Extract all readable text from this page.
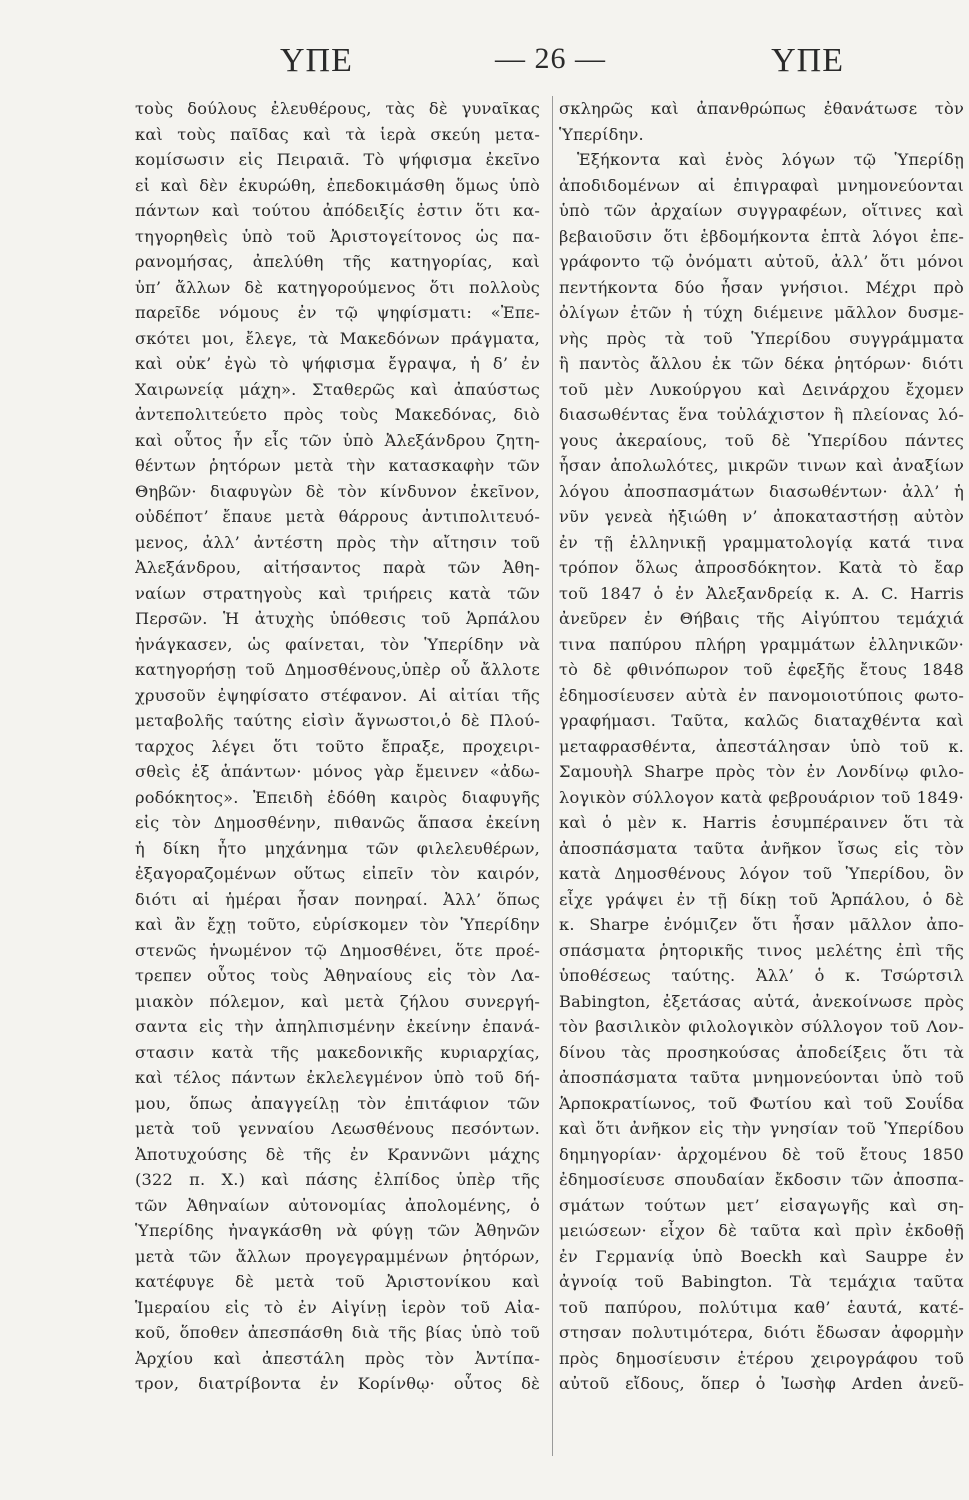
ΥΠΕ	— 26 —	ΥΠΕ
τοὺς δούλους ἐλευθέρους, τὰς δὲ γυναῖκας
καὶ τοὺς παῖδας καὶ τὰ ἱερὰ σκεύη μετα-
κομίσωσιν εἰς Πειραιᾶ. Τὸ ψήφισμα ἐκεῖνο
εἰ καὶ δὲν ἐκυρώθη, ἐπεδοκιμάσθη ὅμως ὑπὸ
πάντων καὶ τούτου ἀπόδειξίς ἐστιν ὅτι κα-
τηγορηθεὶς ὑπὸ τοῦ Ἀριστογείτονος ὡς πα-
ρανομήσας, ἀπελύθη τῆς κατηγορίας, καὶ
ὑπ’ ἄλλων δὲ κατηγορούμενος ὅτι πολλοὺς
παρεῖδε νόμους ἐν τῷ ψηφίσματι: «Ἐπε-
σκότει μοι, ἔλεγε, τὰ Μακεδόνων πράγματα,
καὶ οὐκ’ ἐγὼ τὸ ψήφισμα ἔγραψα, ἡ δ’ ἐν
Χαιρωνείᾳ μάχη». Σταθερῶς καὶ ἀπαύστως
ἀντεπολιτεύετο πρὸς τοὺς Μακεδόνας, διὸ
καὶ οὗτος ἦν εἷς τῶν ὑπὸ Ἀλεξάνδρου ζητη-
θέντων ῥητόρων μετὰ τὴν κατασκαφὴν τῶν
Θηβῶν· διαφυγὼν δὲ τὸν κίνδυνον ἐκεῖνον,
οὐδέποτ’ ἔπαυε μετὰ θάρρους ἀντιπολιτευό-
μενος, ἀλλ’ ἀντέστη πρὸς τὴν αἴτησιν τοῦ
Ἀλεξάνδρου, αἰτήσαντος παρὰ τῶν Ἀθη-
ναίων στρατηγοὺς καὶ τριήρεις κατὰ τῶν
Περσῶν. Ἡ ἀτυχὴς ὑπόθεσις τοῦ Ἁρπάλου
ἠνάγκασεν, ὡς φαίνεται, τὸν Ὑπερίδην νὰ
κατηγορήσῃ τοῦ Δημοσθένους,ὑπὲρ οὗ ἄλλοτε
χρυσοῦν ἐψηφίσατο στέφανον. Αἱ αἰτίαι τῆς
μεταβολῆς ταύτης εἰσὶν ἄγνωστοι,ὁ δὲ Πλού-
ταρχος λέγει ὅτι τοῦτο ἔπραξε, προχειρι-
σθεὶς ἐξ ἁπάντων· μόνος γὰρ ἔμεινεν «ἀδω-
ροδόκητος». Ἐπειδὴ ἐδόθη καιρὸς διαφυγῆς
εἰς τὸν Δημοσθένην, πιθανῶς ἅπασα ἐκείνη
ἡ δίκη ἦτο μηχάνημα τῶν φιλελευθέρων,
ἐξαγοραζομένων οὕτως εἰπεῖν τὸν καιρόν,
διότι αἱ ἡμέραι ἦσαν πονηραί. Ἀλλ’ ὅπως
καὶ ἂν ἔχῃ τοῦτο, εὑρίσκομεν τὸν Ὑπερίδην
στενῶς ἡνωμένον τῷ Δημοσθένει, ὅτε προέ-
τρεπεν οὗτος τοὺς Ἀθηναίους εἰς τὸν Λα-
μιακὸν πόλεμον, καὶ μετὰ ζήλου συνεργή-
σαντα εἰς τὴν ἀπηλπισμένην ἐκείνην ἐπανά-
στασιν κατὰ τῆς μακεδονικῆς κυριαρχίας,
καὶ τέλος πάντων ἐκλελεγμένον ὑπὸ τοῦ δή-
μου, ὅπως ἀπαγγείλῃ τὸν ἐπιτάφιον τῶν
μετὰ τοῦ γενναίου Λεωσθένους πεσόντων.
Ἀποτυχούσης δὲ τῆς ἐν Κραννῶνι μάχης
(322 π. Χ.) καὶ πάσης ἐλπίδος ὑπὲρ τῆς
τῶν Ἀθηναίων αὐτονομίας ἀπολομένης, ὁ
Ὑπερίδης ἠναγκάσθη νὰ φύγῃ τῶν Ἀθηνῶν
μετὰ τῶν ἄλλων προγεγραμμένων ῥητόρων,
κατέφυγε δὲ μετὰ τοῦ Ἀριστονίκου καὶ
Ἱμεραίου εἰς τὸ ἐν Αἰγίνῃ ἱερὸν τοῦ Αἰα-
κοῦ, ὅποθεν ἀπεσπάσθη διὰ τῆς βίας ὑπὸ τοῦ
Ἀρχίου καὶ ἀπεστάλη πρὸς τὸν Ἀντίπα-
τρον, διατρίβοντα ἐν Κορίνθῳ· οὗτος δὲ
σκληρῶς καὶ ἀπανθρώπως ἐθανάτωσε τὸν
Ὑπερίδην.
Ἑξήκοντα καὶ ἑνὸς λόγων τῷ Ὑπερίδῃ
ἀποδιδομένων αἱ ἐπιγραφαὶ μνημονεύονται
ὑπὸ τῶν ἀρχαίων συγγραφέων, οἵτινες καὶ
βεβαιοῦσιν ὅτι ἑβδομήκοντα ἑπτὰ λόγοι ἐπε-
γράφοντο τῷ ὀνόματι αὐτοῦ, ἀλλ’ ὅτι μόνοι
πεντήκοντα δύο ἦσαν γνήσιοι. Μέχρι πρὸ
ὀλίγων ἐτῶν ἡ τύχη διέμεινε μᾶλλον δυσμε-
νὴς πρὸς τὰ τοῦ Ὑπερίδου συγγράμματα
ἢ παντὸς ἄλλου ἐκ τῶν δέκα ῥητόρων· διότι
τοῦ μὲν Λυκούργου καὶ Δεινάρχου ἔχομεν
διασωθέντας ἕνα τοὐλάχιστον ἢ πλείονας λό-
γους ἀκεραίους, τοῦ δὲ Ὑπερίδου πάντες
ἦσαν ἀπολωλότες, μικρῶν τινων καὶ ἀναξίων
λόγου ἀποσπασμάτων διασωθέντων· ἀλλ’ ἡ
νῦν γενεὰ ἠξιώθη ν’ ἀποκαταστήσῃ αὐτὸν
ἐν τῇ ἑλληνικῇ γραμματολογίᾳ κατά τινα
τρόπον ὅλως ἀπροσδόκητον. Κατὰ τὸ ἔαρ
τοῦ 1847 ὁ ἐν Ἀλεξανδρείᾳ κ. A. C. Harris
ἀνεῦρεν ἐν Θήβαις τῆς Αἰγύπτου τεμάχιά
τινα παπύρου πλήρη γραμμάτων ἑλληνικῶν·
τὸ δὲ φθινόπωρον τοῦ ἐφεξῆς ἔτους 1848
ἐδημοσίευσεν αὐτὰ ἐν πανομοιοτύποις φωτο-
γραφήμασι. Ταῦτα, καλῶς διαταχθέντα καὶ
μεταφρασθέντα, ἀπεστάλησαν ὑπὸ τοῦ κ.
Σαμουὴλ Sharpe πρὸς τὸν ἐν Λονδίνῳ φιλο-
λογικὸν σύλλογον κατὰ φεβρουάριον τοῦ 1849·
καὶ ὁ μὲν κ. Harris ἐσυμπέραινεν ὅτι τὰ
ἀποσπάσματα ταῦτα ἀνῆκον ἴσως εἰς τὸν
κατὰ Δημοσθένους λόγον τοῦ Ὑπερίδου, ὃν
εἶχε γράψει ἐν τῇ δίκῃ τοῦ Ἁρπάλου, ὁ δὲ
κ. Sharpe ἐνόμιζεν ὅτι ἦσαν μᾶλλον ἀπο-
σπάσματα ῥητορικῆς τινος μελέτης ἐπὶ τῆς
ὑποθέσεως ταύτης. Ἀλλ’ ὁ κ. Τσώρτσιλ
Babington, ἐξετάσας αὐτά, ἀνεκοίνωσε πρὸς
τὸν βασιλικὸν φιλολογικὸν σύλλογον τοῦ Λον-
δίνου τὰς προσηκούσας ἀποδείξεις ὅτι τὰ
ἀποσπάσματα ταῦτα μνημονεύονται ὑπὸ τοῦ
Ἁρποκρατίωνος, τοῦ Φωτίου καὶ τοῦ Σουΐδα
καὶ ὅτι ἀνῆκον εἰς τὴν γνησίαν τοῦ Ὑπερίδου
δημηγορίαν· ἀρχομένου δὲ τοῦ ἔτους 1850
ἐδημοσίευσε σπουδαίαν ἔκδοσιν τῶν ἀποσπα-
σμάτων τούτων μετ’ εἰσαγωγῆς καὶ ση-
μειώσεων· εἶχον δὲ ταῦτα καὶ πρὶν ἐκδοθῇ
ἐν Γερμανίᾳ ὑπὸ Boeckh καὶ Sauppe ἐν
ἀγνοίᾳ τοῦ Babington. Τὰ τεμάχια ταῦτα
τοῦ παπύρου, πολύτιμα καθ’ ἑαυτά, κατέ-
στησαν πολυτιμότερα, διότι ἔδωσαν ἀφορμὴν
πρὸς δημοσίευσιν ἑτέρου χειρογράφου τοῦ
αὐτοῦ εἴδους, ὅπερ ὁ Ἰωσὴφ Arden ἀνεῦ-
